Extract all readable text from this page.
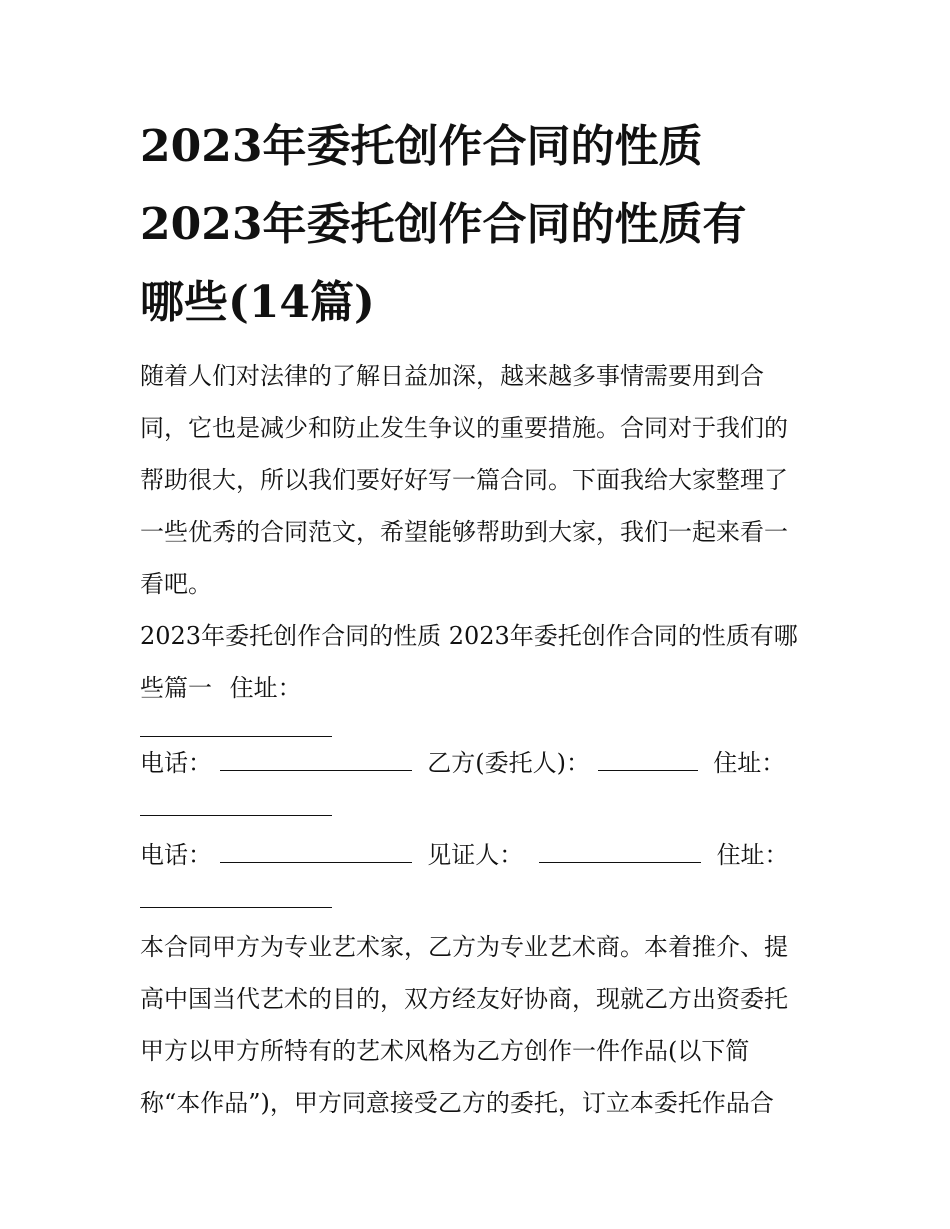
2023年委托创作合同的性质
2023年委托创作合同的性质有
哪些(14篇)

随着人们对法律的了解日益加深，越来越多事情需要用到合
同，它也是减少和防止发生争议的重要措施。合同对于我们的
帮助很大，所以我们要好好写一篇合同。下面我给大家整理了
一些优秀的合同范文，希望能够帮助到大家，我们一起来看一
看吧。

2023年委托创作合同的性质 2023年委托创作合同的性质有哪
些篇一 住址：

电话：	乙方(委托人)：	住址：
电话：	见证人：	住址：

本合同甲方为专业艺术家，乙方为专业艺术商。本着推介、提
高中国当代艺术的目的，双方经友好协商，现就乙方出资委托
甲方以甲方所特有的艺术风格为乙方创作一件作品(以下简
称“本作品”)，甲方同意接受乙方的委托，订立本委托作品合
